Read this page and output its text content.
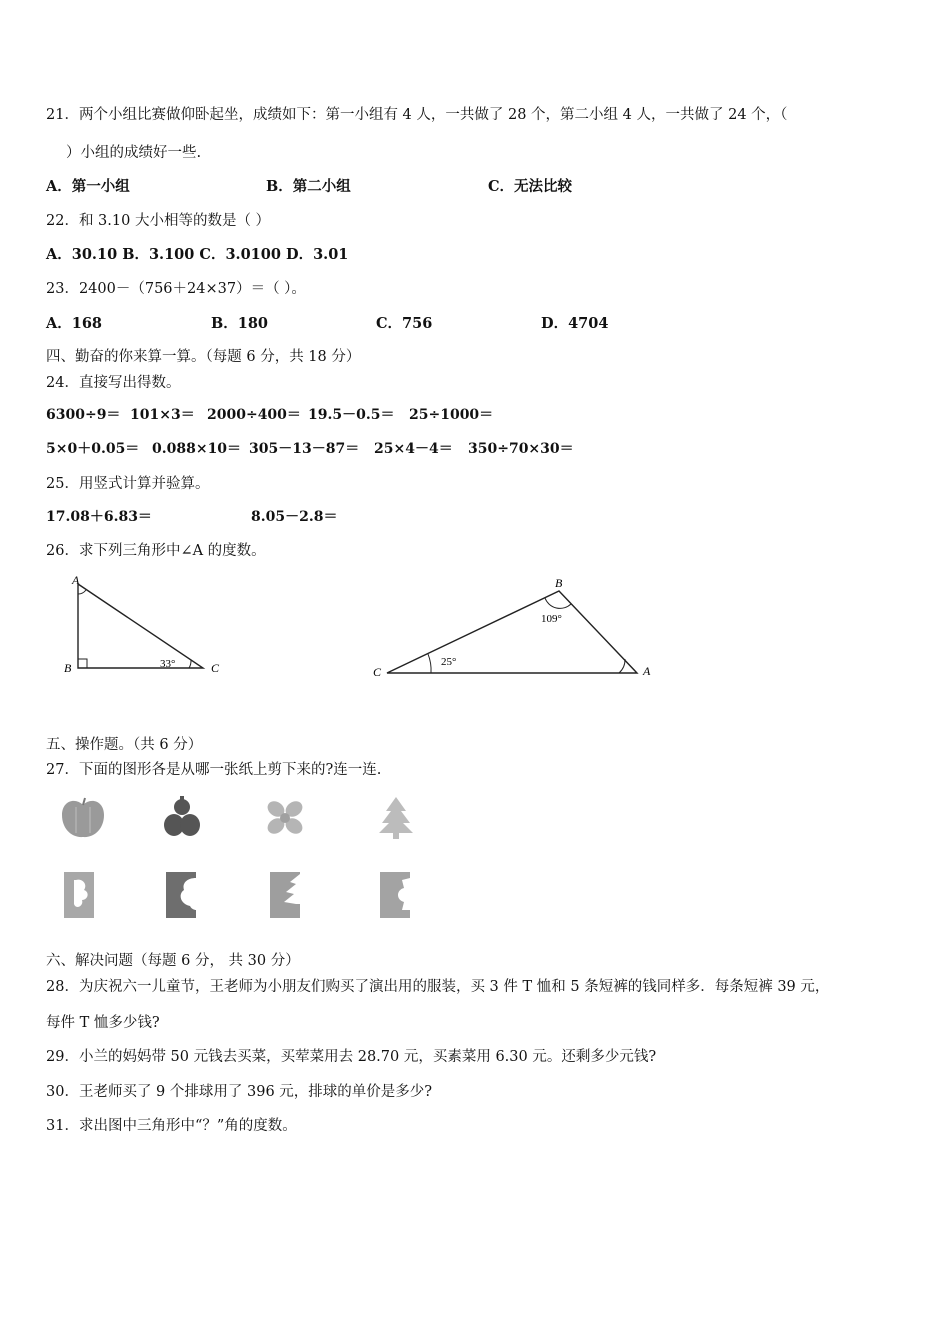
21．两个小组比赛做仰卧起坐，成绩如下：第一小组有 4 人，一共做了 28 个，第二小组 4 人，一共做了 24 个，（
）小组的成绩好一些.
A．第一小组	B．第二小组	C．无法比较
22．和 3.10 大小相等的数是（ ）
A．30.10 B．3.100 C．3.0100 D．3.01
23．2400－（756＋24×37）＝（ ）。
A．168	B．180	C．756	D．4704
四、勤奋的你来算一算。（每题 6 分，共 18 分）
24．直接写出得数。
6300÷9＝ 101×3＝ 2000÷400＝ 19.5－0.5＝ 25÷1000＝
5×0＋0.05＝ 0.088×10＝ 305－13－87＝ 25×4－4＝ 350÷70×30＝
25．用竖式计算并验算。
17.08＋6.83＝	8.05－2.8＝
26．求下列三角形中∠A 的度数。
A
B	C
33°
B
C	A
109°
25°
五、操作题。（共 6 分）
27．下面的图形各是从哪一张纸上剪下来的?连一连.
六、解决问题（每题 6 分， 共 30 分）
28．为庆祝六一儿童节，王老师为小朋友们购买了演出用的服装，买 3 件 T 恤和 5 条短裤的钱同样多．每条短裤 39 元，
每件 T 恤多少钱?
29．小兰的妈妈带 50 元钱去买菜，买荤菜用去 28.70 元，买素菜用 6.30 元。还剩多少元钱?
30．王老师买了 9 个排球用了 396 元，排球的单价是多少?
31．求出图中三角形中“？”角的度数。
